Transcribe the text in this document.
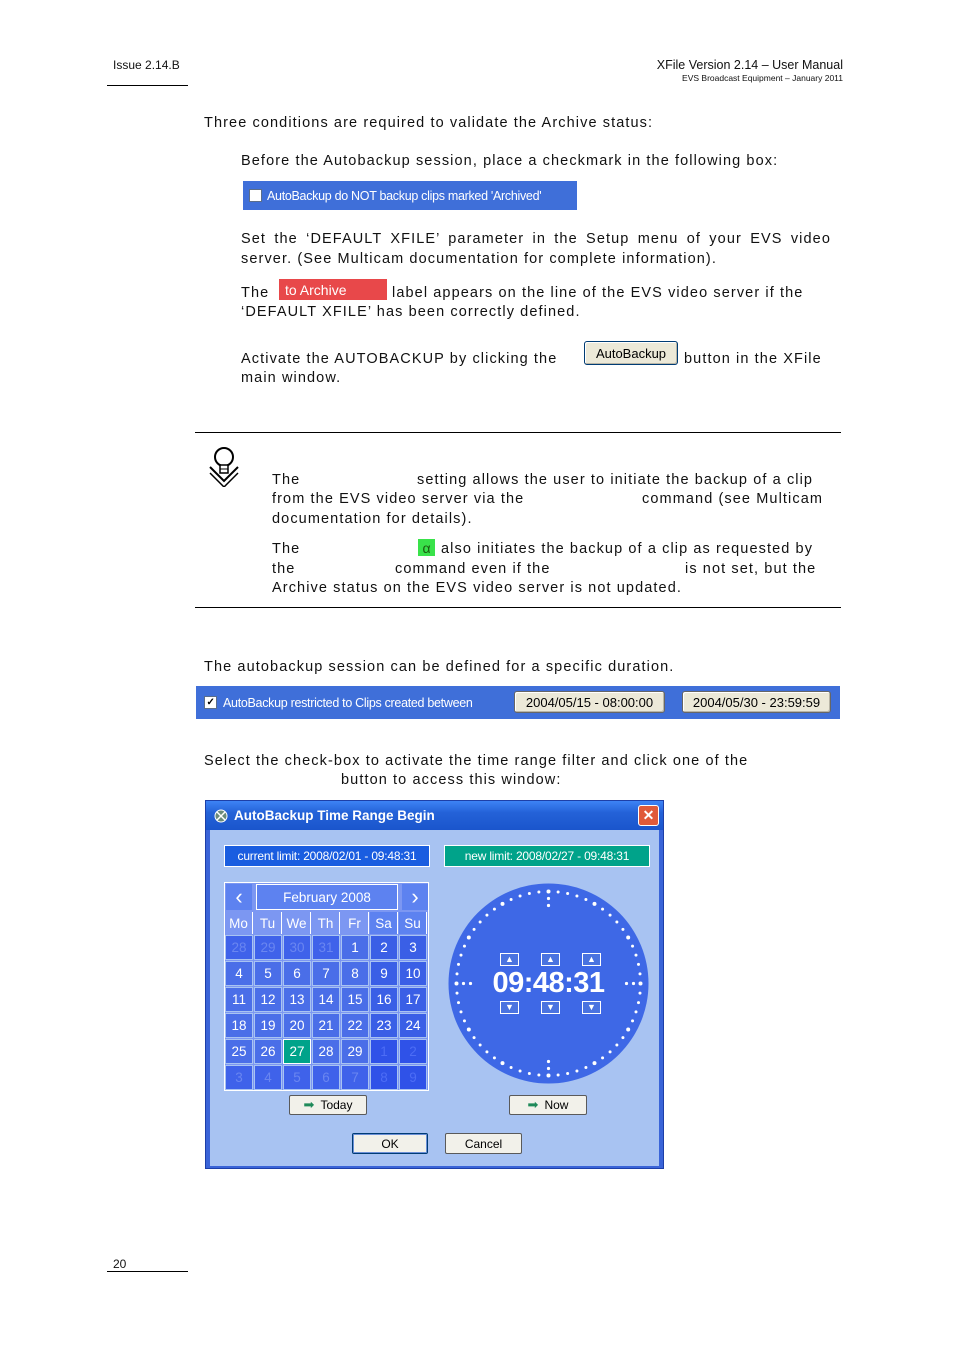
Issue 2.14.B	XFile Version 2.14 – User Manual
EVS Broadcast Equipment – January 2011
Three conditions are required to validate the Archive status:
Before the Autobackup session, place a checkmark in the following box:
AutoBackup do NOT backup clips marked 'Archived'
Set the ‘DEFAULT XFILE’ parameter in the Setup menu of your EVS video server. (See Multicam documentation for complete information).
The	to Archive	label appears on the line of the EVS video server if the
‘DEFAULT XFILE’ has been correctly defined.
Activate the AUTOBACKUP by clicking the	AutoBackup	button in the XFile
main window.
The	setting allows the user to initiate the backup of a clip
from the EVS video server via the	command (see Multicam
documentation for details).
The	α also initiates the backup of a clip as requested by
the	command even if the	is not set, but the
Archive status on the EVS video server is not updated.
The autobackup session can be defined for a specific duration.
✓ AutoBackup restricted to Clips created between	2004/05/15 - 08:00:00	2004/05/30 - 23:59:59
Select the check-box to activate the time range filter and click one of the
button to access this window:
AutoBackup Time Range Begin	✕
current limit: 2008/02/01 - 09:48:31	new limit: 2008/02/27 - 09:48:31
‹	February 2008	›
Mo Tu We Th	Fr	Sa Su
28	29	30	31	1	2	3
4	5	6	7	8	9	10
11	12	13	14	15	16	17
18	19	20	21	22	23	24
25	26	27	28	29	1	2
3	4	5	6	7	8	9
▲	▲	▲
09:48:31
▼	▼	▼
➡ Today	➡ Now
OK	Cancel
20
